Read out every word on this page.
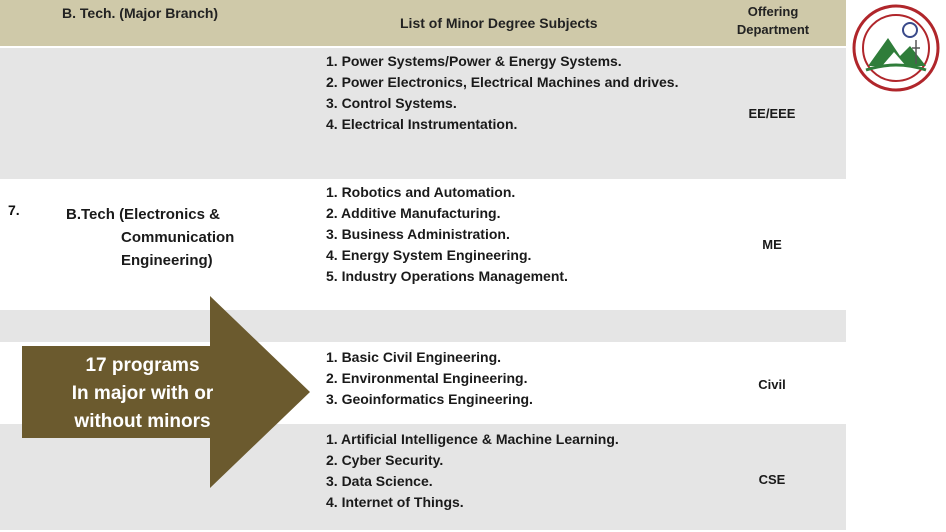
B. Tech. (Major Branch)
List of Minor Degree Subjects
Offering
Department
1. Power Systems/Power & Energy Systems.
2. Power Electronics, Electrical Machines and drives.
3. Control Systems.
4. Electrical Instrumentation.
EE/EEE
1. Robotics and Automation.
2. Additive Manufacturing.
3. Business Administration.
4. Energy System Engineering.
5. Industry Operations Management.
ME
1. Basic Civil Engineering.
2. Environmental Engineering.
3. Geoinformatics Engineering.
Civil
1. Artificial Intelligence & Machine Learning.
2. Cyber Security.
3. Data Science.
4. Internet of Things.
CSE
7.	B.Tech (Electronics &
Communication
Engineering)
17 programs
In major with or
without minors
